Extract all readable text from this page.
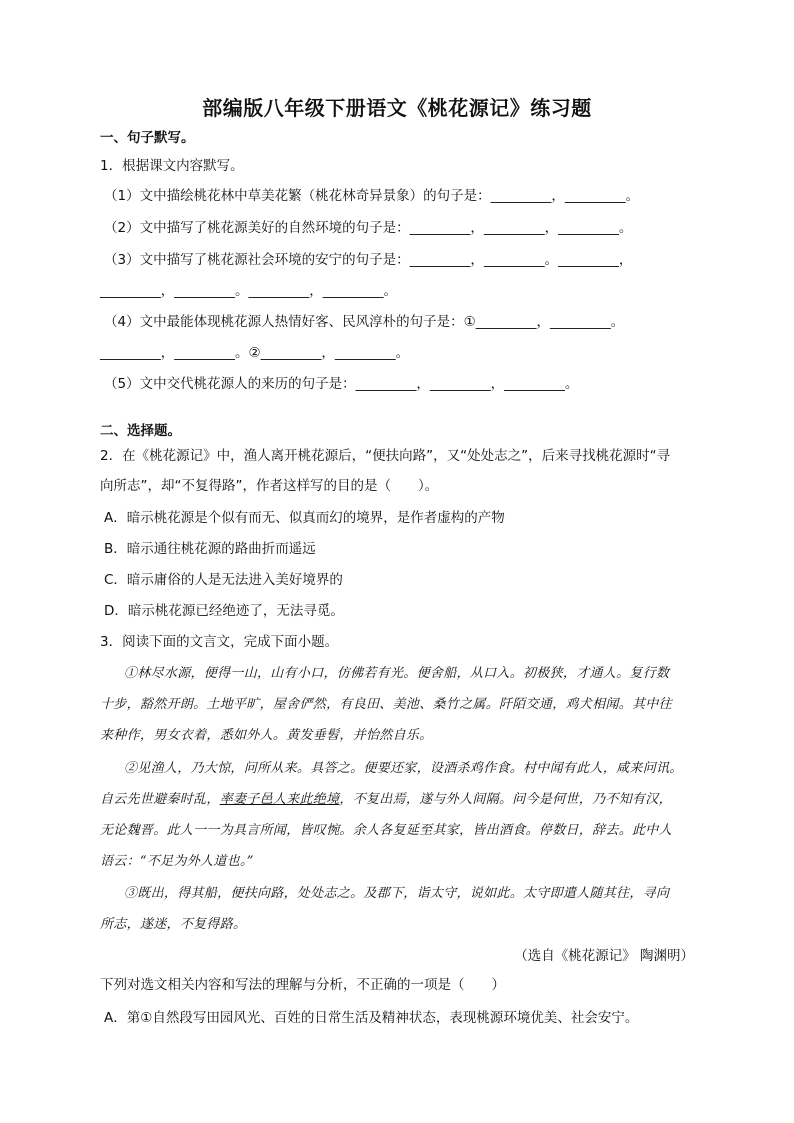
部编版八年级下册语文《桃花源记》练习题
一、句子默写。
1．根据课文内容默写。
（1）文中描绘桃花林中草美花繁（桃花林奇异景象）的句子是：_________，_________。
（2）文中描写了桃花源美好的自然环境的句子是：_________，_________，_________。
（3）文中描写了桃花源社会环境的安宁的句子是：_________，_________。_________，
_________，_________。_________，_________。
（4）文中最能体现桃花源人热情好客、民风淳朴的句子是：①_________，_________。
_________，_________。②_________，_________。
（5）文中交代桃花源人的来历的句子是：_________，_________，_________。
二、选择题。
2．在《桃花源记》中，渔人离开桃花源后，“便扶向路”，又“处处志之”，后来寻找桃花源时“寻
向所志”，却“不复得路”，作者这样写的目的是（　　）。
A．暗示桃花源是个似有而无、似真而幻的境界，是作者虚构的产物
B．暗示通往桃花源的路曲折而遥远
C．暗示庸俗的人是无法进入美好境界的
D．暗示桃花源已经绝迹了，无法寻觅。
3．阅读下面的文言文，完成下面小题。
①林尽水源，便得一山，山有小口，仿佛若有光。便舍船，从口入。初极狭，才通人。复行数
十步，豁然开朗。土地平旷，屋舍俨然，有良田、美池、桑竹之属。阡陌交通，鸡犬相闻。其中往
来种作，男女衣着，悉如外人。黄发垂髫，并怡然自乐。
②见渔人，乃大惊，问所从来。具答之。便要还家，设酒杀鸡作食。村中闻有此人，咸来问讯。
自云先世避秦时乱，率妻子邑人来此绝境，不复出焉，遂与外人间隔。问今是何世，乃不知有汉，
无论魏晋。此人一一为具言所闻，皆叹惋。余人各复延至其家，皆出酒食。停数日，辞去。此中人
语云：“不足为外人道也。”
③既出，得其船，便扶向路，处处志之。及郡下，诣太守，说如此。太守即遣人随其往，寻向
所志，遂迷，不复得路。
（选自《桃花源记》 陶渊明）
下列对选文相关内容和写法的理解与分析，不正确的一项是（　　）
A．第①自然段写田园风光、百姓的日常生活及精神状态，表现桃源环境优美、社会安宁。
